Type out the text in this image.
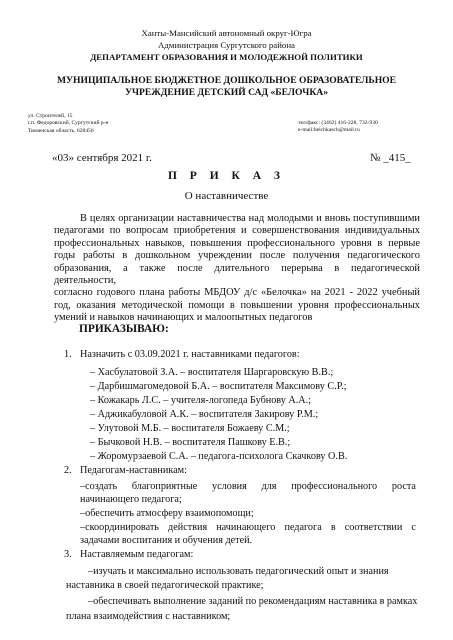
Ханты-Мансийский автономный округ-Югра
Администрация Сургутского района
ДЕПАРТАМЕНТ ОБРАЗОВАНИЯ И МОЛОДЕЖНОЙ ПОЛИТИКИ
МУНИЦИПАЛЬНОЕ БЮДЖЕТНОЕ ДОШКОЛЬНОЕ ОБРАЗОВАТЕЛЬНОЕ
УЧРЕЖДЕНИЕ ДЕТСКИЙ САД «БЕЛОЧКА»
ул. Строителей, 15
г.п. Федоровский, Сургутский р-н
Тюменская область, 628456
тел/факс: (3462) 416-228, 732-930
e-mail:belchkasch@mail.ru
«03» сентября 2021 г.	№ _415_
П Р И К А З
О наставничестве
В целях организации наставничества над молодыми и вновь поступившими
педагогами по вопросам приобретения и совершенствования индивидуальных
профессиональных навыков, повышения профессионального уровня в первые
годы работы в дошкольном учреждении после получения педагогического
образования, а также после длительного перерыва в педагогической деятельности,
согласно годового плана работы МБДОУ д/с «Белочка» на 2021 - 2022 учебный
год, оказания методической помощи в повышении уровня профессиональных
умений и навыков начинающих и малоопытных педагогов
ПРИКАЗЫВАЮ:
1. Назначить с 03.09.2021 г. наставниками педагогов:
– Хасбулатовой З.А. – воспитателя Шаргаровскую В.В.;
– Дарбишмагомедовой Б.А. – воспитателя Максимову С.Р.;
– Кожакарь Л.С. – учителя-логопеда Бубнову А.А.;
– Аджикабуловой А.К. – воспитателя Закирову Р.М.;
– Улутовой М.Б. – воспитателя Божаеву С.М.;
– Бычковой Н.В. – воспитателя Пашкову Е.В.;
– Жоромурзаевой С.А. – педагога-психолога Скачкову О.В.
2. Педагогам-наставникам:
–создать благоприятные условия для профессионального роста
начинающего педагога;
–обеспечить атмосферу взаимопомощи;
–скоординировать действия начинающего педагога в соответствии с
задачами воспитания и обучения детей.
3. Наставляемым педагогам:
–изучать и максимально использовать педагогический опыт и знания
наставника в своей педагогической практике;
–обеспечивать выполнение заданий по рекомендациям наставника в рамках
плана взаимодействия с наставником;
